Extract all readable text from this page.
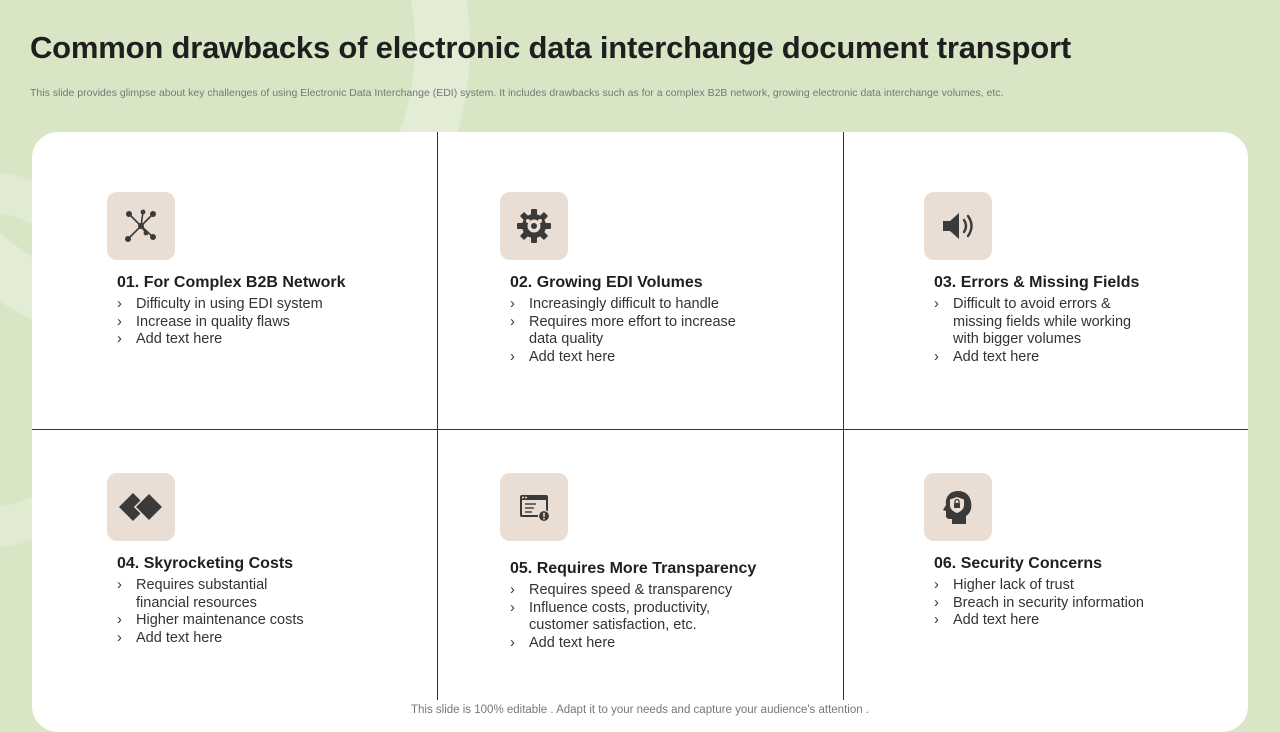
Common drawbacks of electronic data interchange document transport

This slide provides glimpse about key challenges of using Electronic Data Interchange (EDI) system. It includes drawbacks such as for a complex B2B network, growing electronic data interchange volumes, etc.

01. For Complex B2B Network
› Difficulty in using EDI system
› Increase in quality flaws
› Add text here
02. Growing EDI Volumes
› Increasingly difficult to handle
› Requires more effort to increase
data quality
› Add text here
03. Errors & Missing Fields
› Difficult to avoid errors &
missing fields while working
with bigger volumes
› Add text here
04. Skyrocketing Costs
› Requires substantial
financial resources
› Higher maintenance costs
› Add text here
05. Requires More Transparency
› Requires speed & transparency
› Influence costs, productivity,
customer satisfaction, etc.
› Add text here
06. Security Concerns
› Higher lack of trust
› Breach in security information
› Add text here
This slide is 100% editable . Adapt it to your needs and capture your audience's attention .
